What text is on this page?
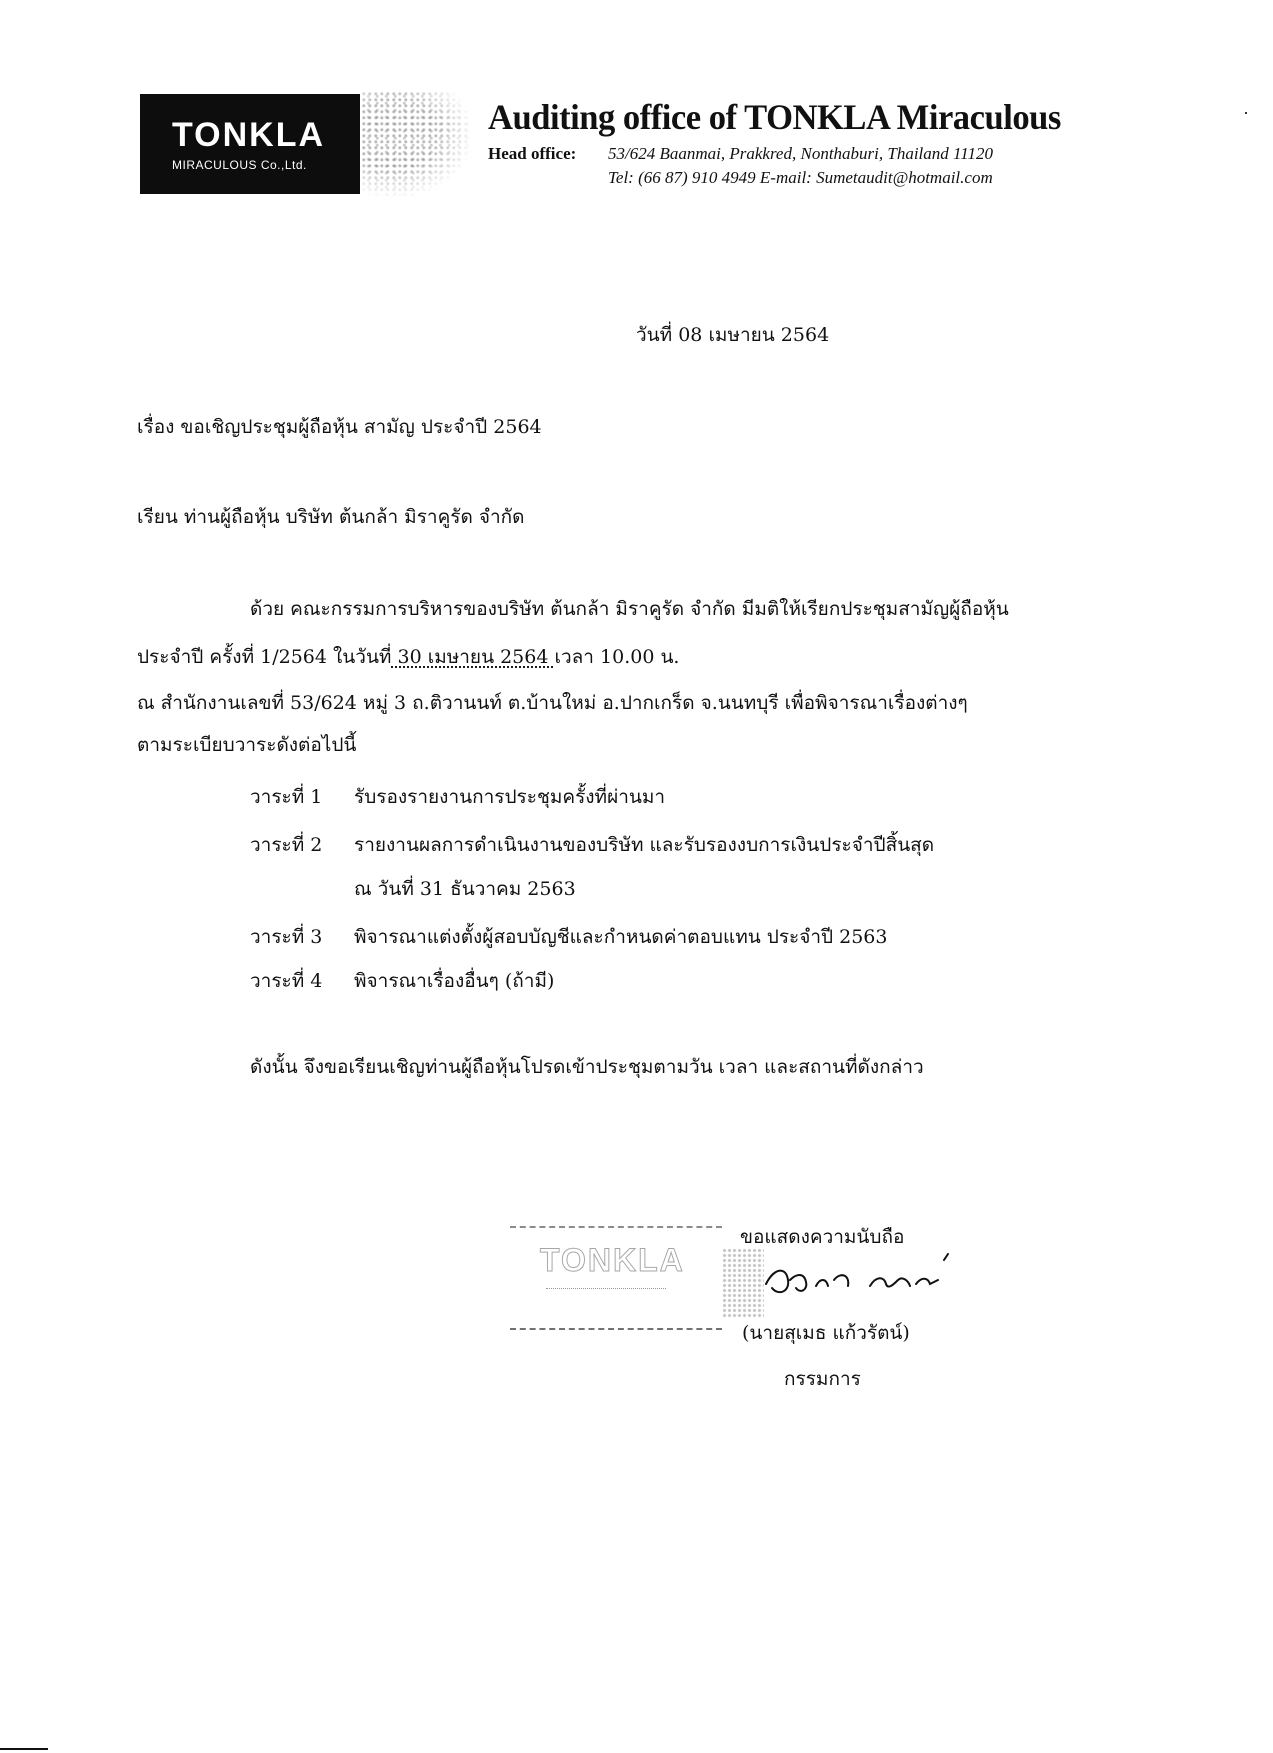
TONKLA
MIRACULOUS Co.,Ltd.
Auditing office of TONKLA Miraculous
Head office: 53/624 Baanmai, Prakkred, Nonthaburi, Thailand 11120
Tel: (66 87) 910 4949 E-mail: Sumetaudit@hotmail.com
วันที่ 08 เมษายน 2564
เรื่อง ขอเชิญประชุมผู้ถือหุ้น สามัญ ประจำปี 2564
เรียน ท่านผู้ถือหุ้น บริษัท ต้นกล้า มิราคูรัด จำกัด
ด้วย คณะกรรมการบริหารของบริษัท ต้นกล้า มิราคูรัด จำกัด มีมติให้เรียกประชุมสามัญผู้ถือหุ้น
ประจำปี ครั้งที่ 1/2564 ในวันที่ 30 เมษายน 2564 เวลา 10.00 น.
ณ สำนักงานเลขที่ 53/624 หมู่ 3 ถ.ติวานนท์ ต.บ้านใหม่ อ.ปากเกร็ด จ.นนทบุรี เพื่อพิจารณาเรื่องต่างๆ
ตามระเบียบวาระดังต่อไปนี้
วาระที่ 1 รับรองรายงานการประชุมครั้งที่ผ่านมา
วาระที่ 2 รายงานผลการดำเนินงานของบริษัท และรับรองงบการเงินประจำปีสิ้นสุด
ณ วันที่ 31 ธันวาคม 2563
วาระที่ 3 พิจารณาแต่งตั้งผู้สอบบัญชีและกำหนดค่าตอบแทน ประจำปี 2563
วาระที่ 4 พิจารณาเรื่องอื่นๆ (ถ้ามี)
ดังนั้น จึงขอเรียนเชิญท่านผู้ถือหุ้นโปรดเข้าประชุมตามวัน เวลา และสถานที่ดังกล่าว
TONKLA
ขอแสดงความนับถือ
(นายสุเมธ แก้วรัตน์)
กรรมการ
